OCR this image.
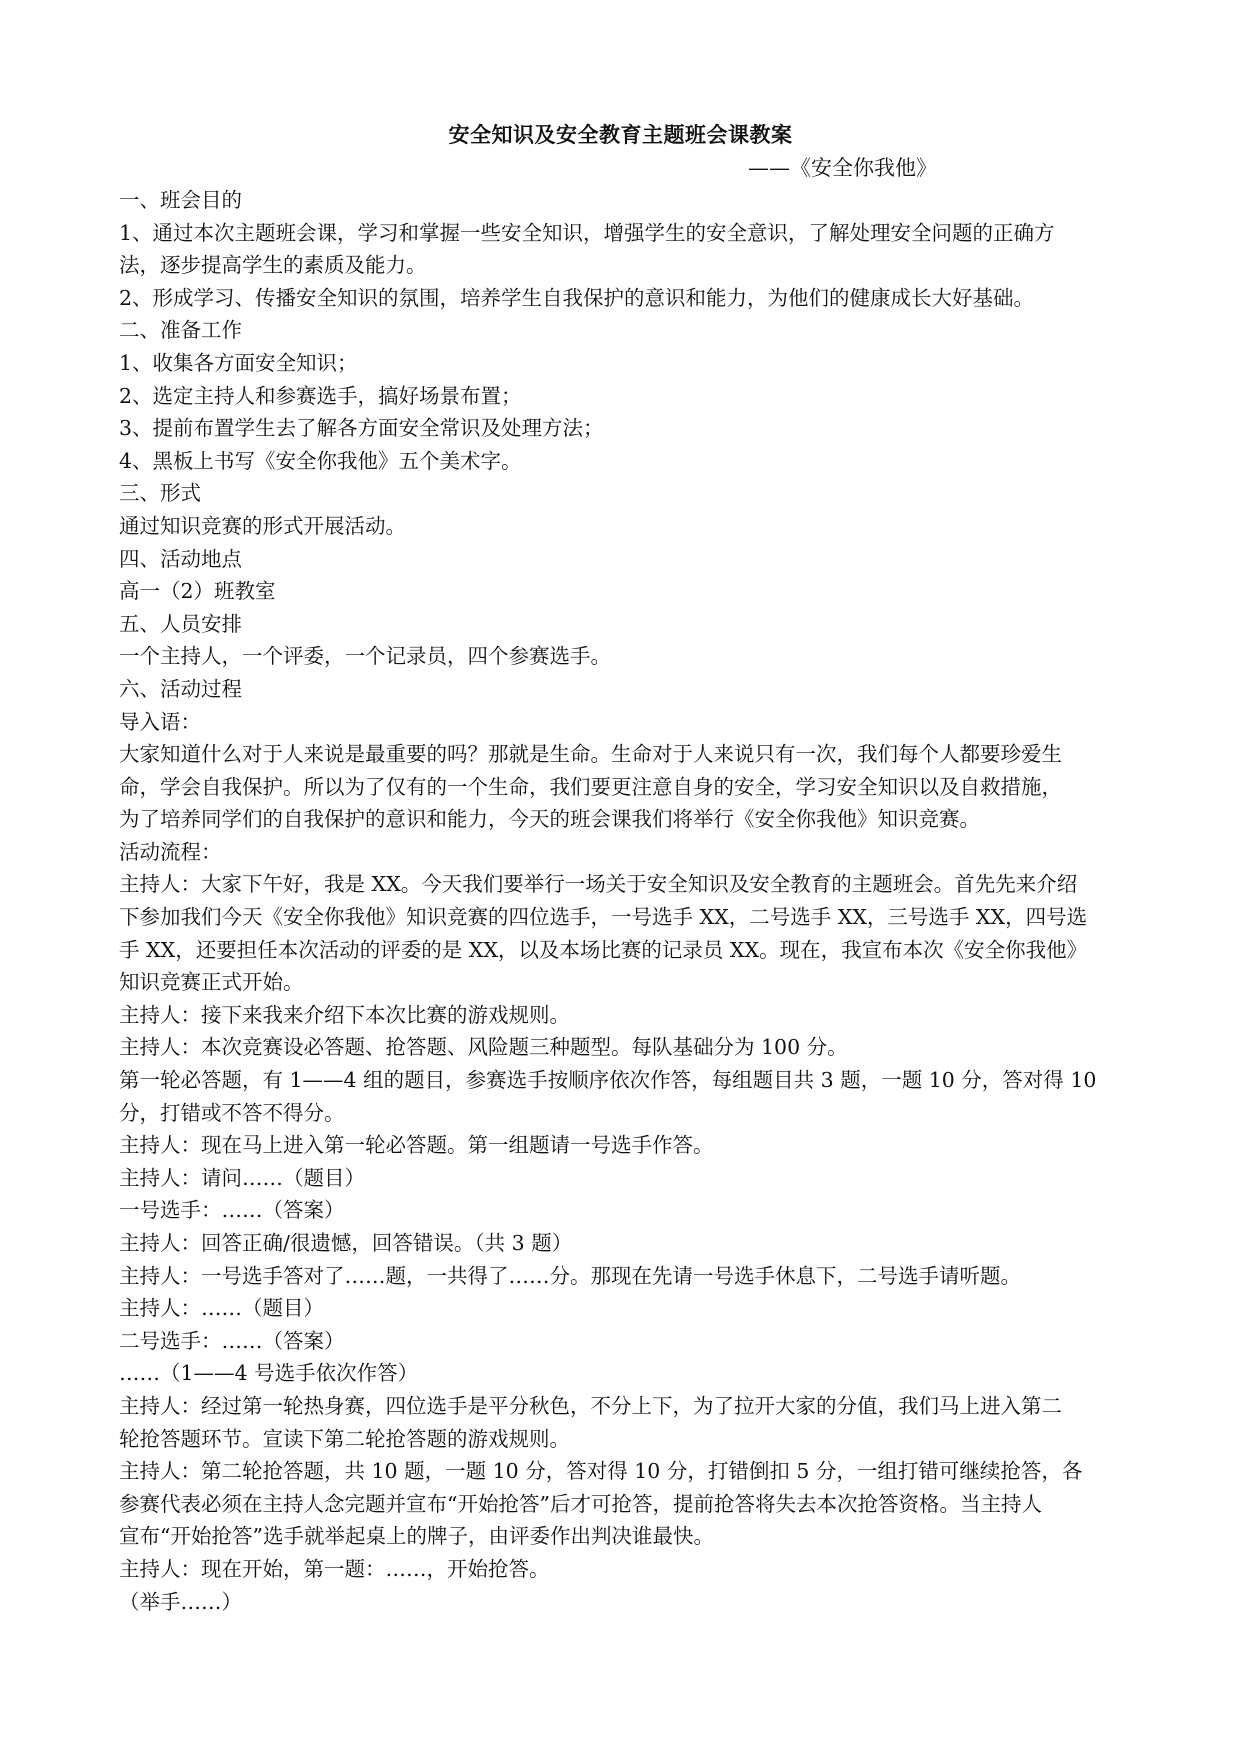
安全知识及安全教育主题班会课教案
——《安全你我他》
一、班会目的
1、通过本次主题班会课，学习和掌握一些安全知识，增强学生的安全意识，了解处理安全问题的正确方
法，逐步提高学生的素质及能力。
2、形成学习、传播安全知识的氛围，培养学生自我保护的意识和能力，为他们的健康成长大好基础。
二、准备工作
1、收集各方面安全知识；
2、选定主持人和参赛选手，搞好场景布置；
3、提前布置学生去了解各方面安全常识及处理方法；
4、黑板上书写《安全你我他》五个美术字。
三、形式
通过知识竞赛的形式开展活动。
四、活动地点
高一（2）班教室
五、人员安排
一个主持人，一个评委，一个记录员，四个参赛选手。
六、活动过程
导入语：
大家知道什么对于人来说是最重要的吗？那就是生命。生命对于人来说只有一次，我们每个人都要珍爱生
命，学会自我保护。所以为了仅有的一个生命，我们要更注意自身的安全，学习安全知识以及自救措施，
为了培养同学们的自我保护的意识和能力，今天的班会课我们将举行《安全你我他》知识竞赛。
活动流程：
主持人：大家下午好，我是 XX。今天我们要举行一场关于安全知识及安全教育的主题班会。首先先来介绍
下参加我们今天《安全你我他》知识竞赛的四位选手，一号选手 XX，二号选手 XX，三号选手 XX，四号选
手 XX，还要担任本次活动的评委的是 XX，以及本场比赛的记录员 XX。现在，我宣布本次《安全你我他》
知识竞赛正式开始。
主持人：接下来我来介绍下本次比赛的游戏规则。
主持人：本次竞赛设必答题、抢答题、风险题三种题型。每队基础分为 100 分。
第一轮必答题，有 1——4 组的题目，参赛选手按顺序依次作答，每组题目共 3 题，一题 10 分，答对得 10
分，打错或不答不得分。
主持人：现在马上进入第一轮必答题。第一组题请一号选手作答。
主持人：请问……（题目）
一号选手：……（答案）
主持人：回答正确/很遗憾，回答错误。（共 3 题）
主持人：一号选手答对了……题，一共得了……分。那现在先请一号选手休息下，二号选手请听题。
主持人：……（题目）
二号选手：……（答案）
……（1——4 号选手依次作答）
主持人：经过第一轮热身赛，四位选手是平分秋色，不分上下，为了拉开大家的分值，我们马上进入第二
轮抢答题环节。宣读下第二轮抢答题的游戏规则。
主持人：第二轮抢答题，共 10 题，一题 10 分，答对得 10 分，打错倒扣 5 分，一组打错可继续抢答，各
参赛代表必须在主持人念完题并宣布“开始抢答”后才可抢答，提前抢答将失去本次抢答资格。当主持人
宣布“开始抢答”选手就举起桌上的牌子，由评委作出判决谁最快。
主持人：现在开始，第一题：……，开始抢答。
（举手……）
